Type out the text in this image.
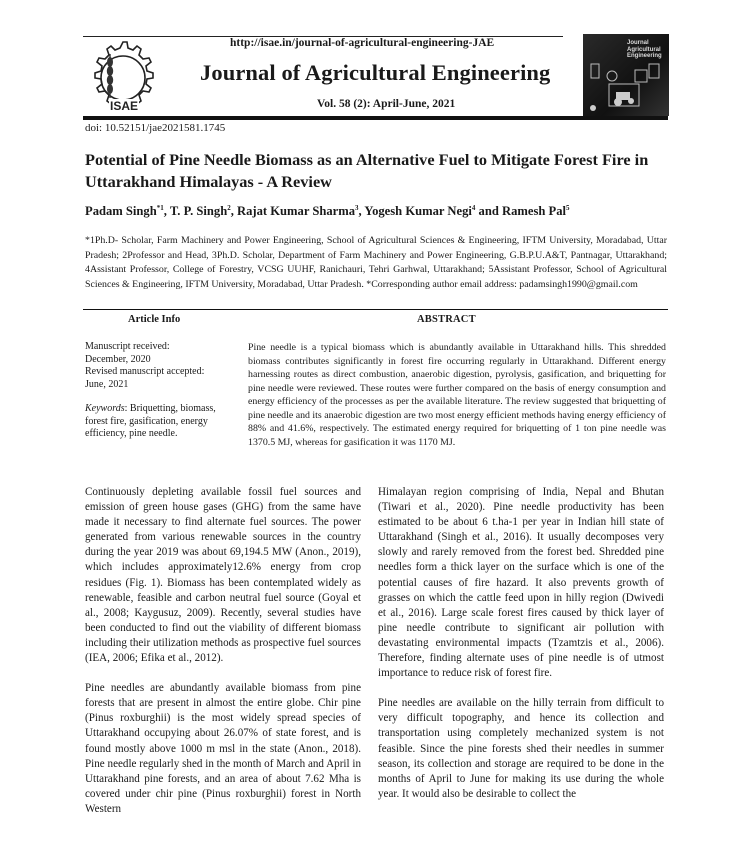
ISAE
http://isae.in/journal-of-agricultural-engineering-JAE
Journal of Agricultural Engineering
Vol. 58 (2): April-June, 2021
Journal Agricultural Engineering
doi: 10.52151/jae2021581.1745
Potential of Pine Needle Biomass as an Alternative Fuel to Mitigate Forest Fire in Uttarakhand Himalayas - A Review
Padam Singh$^{*1}$, T. P. Singh$^2$, Rajat Kumar Sharma$^3$, Yogesh Kumar Negi$^4$ and Ramesh Pal$^5$
*1Ph.D- Scholar, Farm Machinery and Power Engineering, School of Agricultural Sciences & Engineering, IFTM University, Moradabad, Uttar Pradesh; 2Professor and Head, 3Ph.D. Scholar, Department of Farm Machinery and Power Engineering, G.B.P.U.A&T, Pantnagar, Uttarakhand; 4Assistant Professor, College of Forestry, VCSG UUHF, Ranichauri, Tehri Garhwal, Uttarakhand; 5Assistant Professor, School of Agricultural Sciences & Engineering, IFTM University, Moradabad, Uttar Pradesh. *Corresponding author email address: padamsingh1990@gmail.com
Article Info	ABSTRACT

Manuscript received:

December, 2020

Revised manuscript accepted:

June, 2021

Keywords: Briquetting, biomass, forest fire, gasification, energy efficiency, pine needle.

Pine needle is a typical biomass which is abundantly available in Uttarakhand hills. This shredded biomass contributes significantly in forest fire occurring regularly in Uttarakhand. Different energy harnessing routes as direct combustion, anaerobic digestion, pyrolysis, gasification, and briquetting for pine needle were reviewed. These routes were further compared on the basis of energy consumption and energy efficiency of the processes as per the available literature. The review suggested that briquetting of pine needle and its anaerobic digestion are two most energy efficient methods having energy efficiency of 88% and 41.6%, respectively. The estimated energy required for briquetting of 1 ton pine needle was 1370.5 MJ, whereas for gasification it was 1170 MJ.

Continuously depleting available fossil fuel sources and emission of green house gases (GHG) from the same have made it necessary to find alternate fuel sources. The power generated from various renewable sources in the country during the year 2019 was about 69,194.5 MW (Anon., 2019), which includes approximately12.6% energy from crop residues (Fig. 1). Biomass has been contemplated widely as renewable, feasible and carbon neutral fuel source (Goyal et al., 2008; Kaygusuz, 2009). Recently, several studies have been conducted to find out the viability of different biomass including their utilization methods as prospective fuel sources (IEA, 2006; Efika et al., 2012).

Pine needles are abundantly available biomass from pine forests that are present in almost the entire globe. Chir pine (Pinus roxburghii) is the most widely spread species of Uttarakhand occupying about 26.07% of state forest, and is found mostly above 1000 m msl in the state (Anon., 2018). Pine needle regularly shed in the month of March and April in Uttarakhand pine forests, and an area of about 7.62 Mha is covered under chir pine (Pinus roxburghii) forest in North Western

Himalayan region comprising of India, Nepal and Bhutan (Tiwari et al., 2020). Pine needle productivity has been estimated to be about 6 t.ha-1 per year in Indian hill state of Uttarakhand (Singh et al., 2016). It usually decomposes very slowly and rarely removed from the forest bed. Shredded pine needles form a thick layer on the surface which is one of the potential causes of fire hazard. It also prevents growth of grasses on which the cattle feed upon in hilly region (Dwivedi et al., 2016). Large scale forest fires caused by thick layer of pine needle contribute to significant air pollution with devastating environmental impacts (Tzamtzis et al., 2006). Therefore, finding alternate uses of pine needle is of utmost importance to reduce risk of forest fire.

Pine needles are available on the hilly terrain from difficult to very difficult topography, and hence its collection and transportation using completely mechanized system is not feasible. Since the pine forests shed their needles in summer season, its collection and storage are required to be done in the months of April to June for making its use during the whole year. It would also be desirable to collect the
